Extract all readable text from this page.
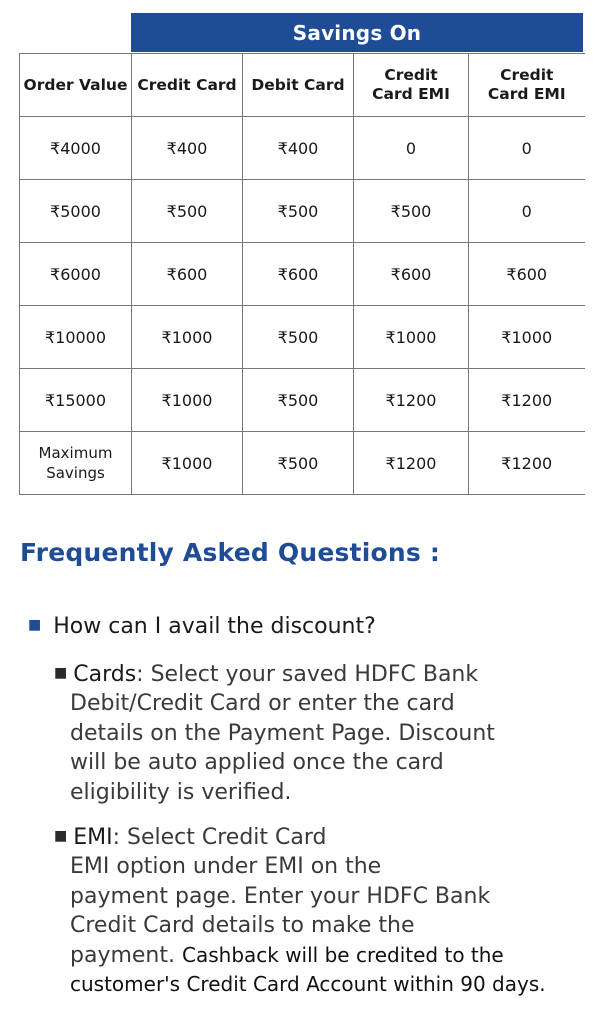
Savings On
Order Value	Credit Card	Debit Card	Credit Card EMI	Credit Card EMI
₹4000	₹400	₹400	0	0
₹5000	₹500	₹500	₹500	0
₹6000	₹600	₹600	₹600	₹600
₹10000	₹1000	₹500	₹1000	₹1000
₹15000	₹1000	₹500	₹1200	₹1200
Maximum Savings	₹1000	₹500	₹1200	₹1200
Frequently Asked Questions :
■ How can I avail the discount?
■ Cards: Select your saved HDFC Bank
Debit/Credit Card or enter the card
details on the Payment Page. Discount
will be auto applied once the card
eligibility is verified.
■ EMI: Select Credit Card
EMI option under EMI on the
payment page. Enter your HDFC Bank
Credit Card details to make the
payment. Cashback will be credited to the
customer's Credit Card Account within 90 days.
